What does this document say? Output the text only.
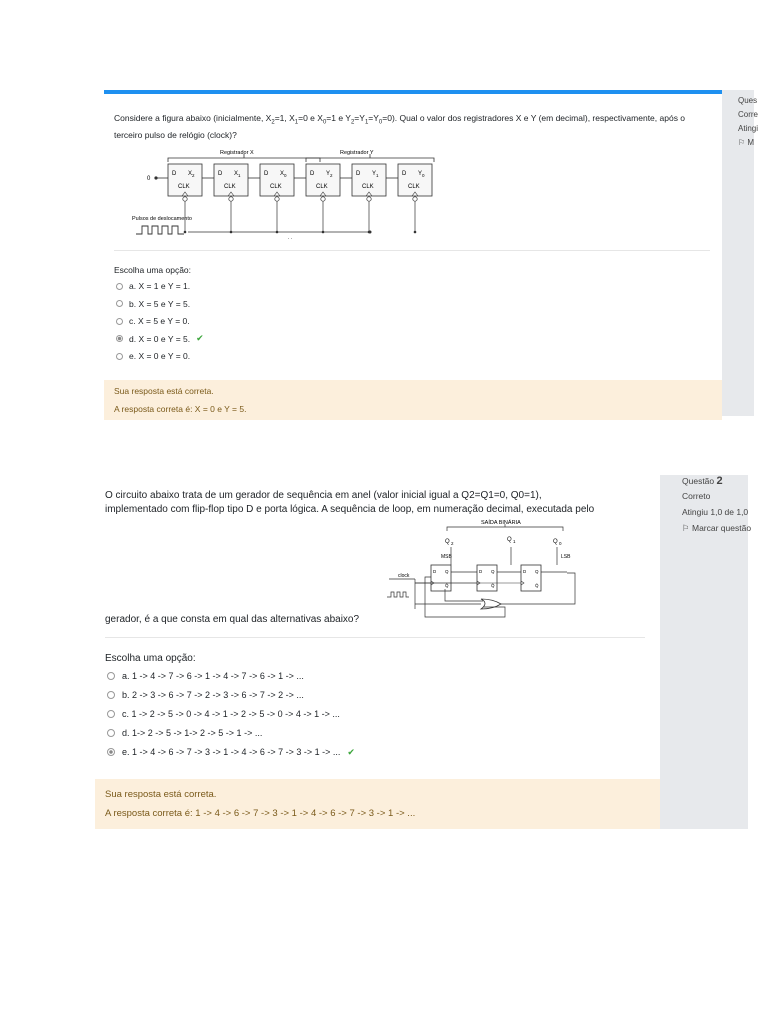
Considere a figura abaixo (inicialmente, $X_2=1$, $X_1=0$ e $X_0=1$ e $Y_2=Y_1=Y_0=0$). Qual o valor dos registradores X e Y (em decimal), respectivamente, após o terceiro pulso de relógio (clock)?
Registrador X	Registrador Y
0
D $X_2$
CLK
D $X_1$
CLK
D $X_0$
CLK
D $Y_2$
CLK
D $Y_1$
CLK
D $Y_0$
CLK
Pulsos de deslocamento
. .
Escolha uma opção:
a. X = 1 e Y = 1.
b. X = 5 e Y = 5.
c. X = 5 e Y = 0.
d. X = 0 e Y = 5. ✔
e. X = 0 e Y = 0.
Sua resposta está correta.
A resposta correta é: X = 0 e Y = 5.
Ques
Corre
Atingi
⚐ M
O circuito abaixo trata de um gerador de sequência em anel (valor inicial igual a Q2=Q1=0, Q0=1),
implementado com flip-flop tipo D e porta lógica. A sequência de loop, em numeração decimal, executada pelo
SAÍDA BINÁRIA
Q 2
Q 1	Q 0
MSB	LSB
D Q
Q̄
D Q
Q̄
D Q
Q̄
clock
gerador, é a que consta em qual das alternativas abaixo?
Escolha uma opção:
a. 1 -> 4 -> 7 -> 6 -> 1 -> 4 -> 7 -> 6 -> 1 -> ...
b. 2 -> 3 -> 6 -> 7 -> 2 -> 3 -> 6 -> 7 -> 2 -> ...
c. 1 -> 2 -> 5 -> 0 -> 4 -> 1 -> 2 -> 5 -> 0 -> 4 -> 1 -> ...
d. 1-> 2 -> 5 -> 1-> 2 -> 5 -> 1 -> ...
e. 1 -> 4 -> 6 -> 7 -> 3 -> 1 -> 4 -> 6 -> 7 -> 3 -> 1 -> ... ✔
Sua resposta está correta.
A resposta correta é: 1 -> 4 -> 6 -> 7 -> 3 -> 1 -> 4 -> 6 -> 7 -> 3 -> 1 -> ...
Questão 2
Correto
Atingiu 1,0 de 1,0
⚐ Marcar questão
